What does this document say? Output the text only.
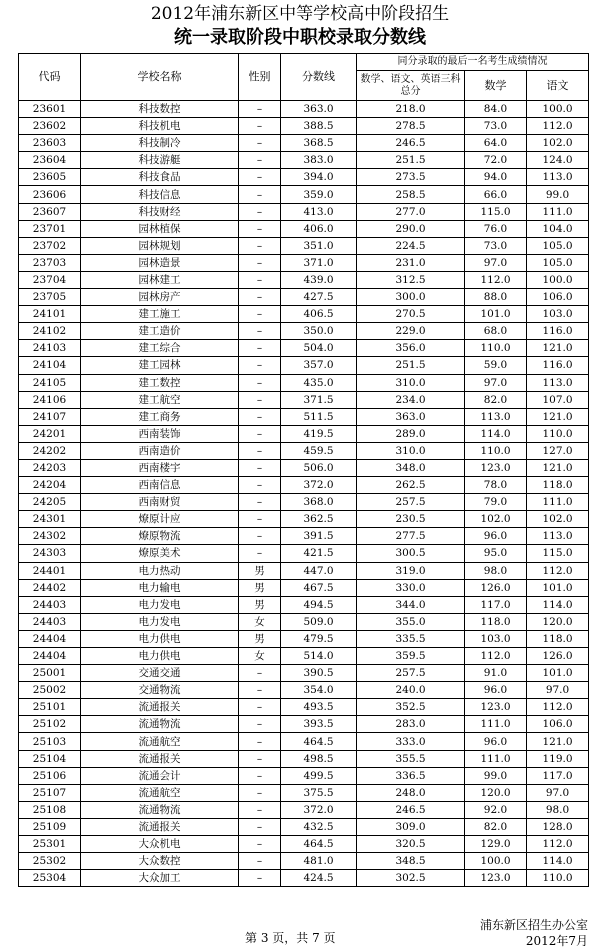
2012年浦东新区中等学校高中阶段招生
统一录取阶段中职校录取分数线
代码	学校名称	性别	分数线	同分录取的最后一名考生成绩情况		
				数学、语文、英语三科总分	数学	语文
23601	科技数控	–	363.0	218.0	84.0	100.0
23602	科技机电	–	388.5	278.5	73.0	112.0
23603	科技制冷	–	368.5	246.5	64.0	102.0
23604	科技游艇	–	383.0	251.5	72.0	124.0
23605	科技食品	–	394.0	273.5	94.0	113.0
23606	科技信息	–	359.0	258.5	66.0	99.0
23607	科技财经	–	413.0	277.0	115.0	111.0
23701	园林植保	–	406.0	290.0	76.0	104.0
23702	园林规划	–	351.0	224.5	73.0	105.0
23703	园林造景	–	371.0	231.0	97.0	105.0
23704	园林建工	–	439.0	312.5	112.0	100.0
23705	园林房产	–	427.5	300.0	88.0	106.0
24101	建工施工	–	406.5	270.5	101.0	103.0
24102	建工造价	–	350.0	229.0	68.0	116.0
24103	建工综合	–	504.0	356.0	110.0	121.0
24104	建工园林	–	357.0	251.5	59.0	116.0
24105	建工数控	–	435.0	310.0	97.0	113.0
24106	建工航空	–	371.5	234.0	82.0	107.0
24107	建工商务	–	511.5	363.0	113.0	121.0
24201	西南装饰	–	419.5	289.0	114.0	110.0
24202	西南造价	–	459.5	310.0	110.0	127.0
24203	西南楼宇	–	506.0	348.0	123.0	121.0
24204	西南信息	–	372.0	262.5	78.0	118.0
24205	西南财贸	–	368.0	257.5	79.0	111.0
24301	燎原计应	–	362.5	230.5	102.0	102.0
24302	燎原物流	–	391.5	277.5	96.0	113.0
24303	燎原美术	–	421.5	300.5	95.0	115.0
24401	电力热动	男	447.0	319.0	98.0	112.0
24402	电力输电	男	467.5	330.0	126.0	101.0
24403	电力发电	男	494.5	344.0	117.0	114.0
24403	电力发电	女	509.0	355.0	118.0	120.0
24404	电力供电	男	479.5	335.5	103.0	118.0
24404	电力供电	女	514.0	359.5	112.0	126.0
25001	交通交通	–	390.5	257.5	91.0	101.0
25002	交通物流	–	354.0	240.0	96.0	97.0
25101	流通报关	–	493.5	352.5	123.0	112.0
25102	流通物流	–	393.5	283.0	111.0	106.0
25103	流通航空	–	464.5	333.0	96.0	121.0
25104	流通报关	–	498.5	355.5	111.0	119.0
25106	流通会计	–	499.5	336.5	99.0	117.0
25107	流通航空	–	375.5	248.0	120.0	97.0
25108	流通物流	–	372.0	246.5	92.0	98.0
25109	流通报关	–	432.5	309.0	82.0	128.0
25301	大众机电	–	464.5	320.5	129.0	112.0
25302	大众数控	–	481.0	348.5	100.0	114.0
25304	大众加工	–	424.5	302.5	123.0	110.0
第 3 页，共 7 页
浦东新区招生办公室
2012年7月
